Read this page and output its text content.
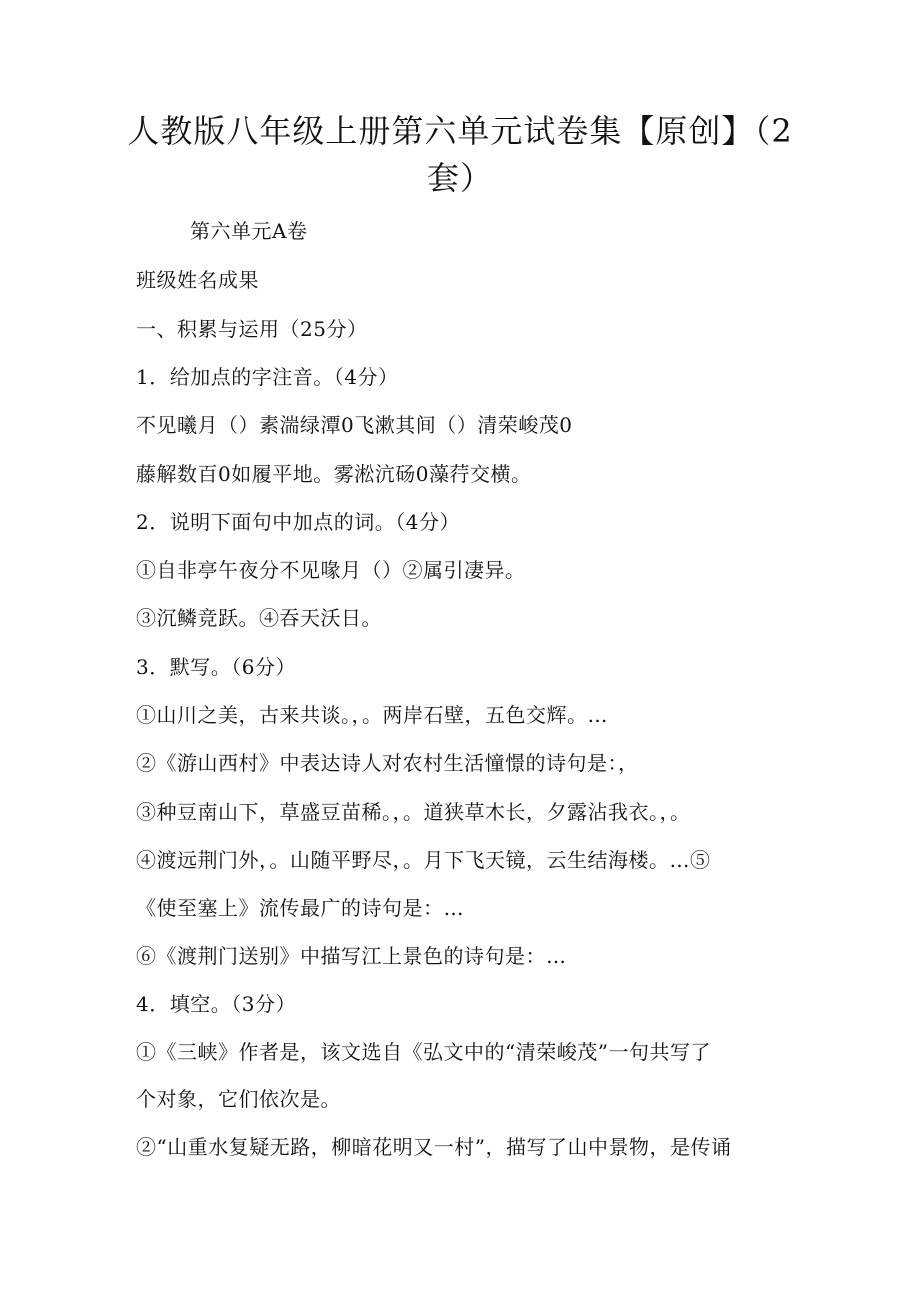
人教版八年级上册第六单元试卷集【原创】（2
套）
第六单元A卷
班级姓名成果
一、积累与运用（25分）
1．给加点的字注音。（4分）
不见曦月（）素湍绿潭0飞漱其间（）清荣峻茂0
藤解数百0如履平地。雾淞沆砀0藻荇交横。
2．说明下面句中加点的词。（4分）
①自非亭午夜分不见喙月（）②属引凄异。
③沉鳞竞跃。④吞天沃日。
3．默写。（6分）
①山川之美，古来共谈。，。两岸石壁，五色交辉。…
②《游山西村》中表达诗人对农村生活憧憬的诗句是：，
③种豆南山下，草盛豆苗稀。，。道狭草木长，夕露沾我衣。，。
④渡远荆门外，。山随平野尽，。月下飞天镜，云生结海楼。…⑤
《使至塞上》流传最广的诗句是：…
⑥《渡荆门送别》中描写江上景色的诗句是：…
4．填空。（3分）
①《三峡》作者是，该文选自《弘文中的“清荣峻茂”一句共写了
个对象，它们依次是。
②“山重水复疑无路，柳暗花明又一村”，描写了山中景物，是传诵
